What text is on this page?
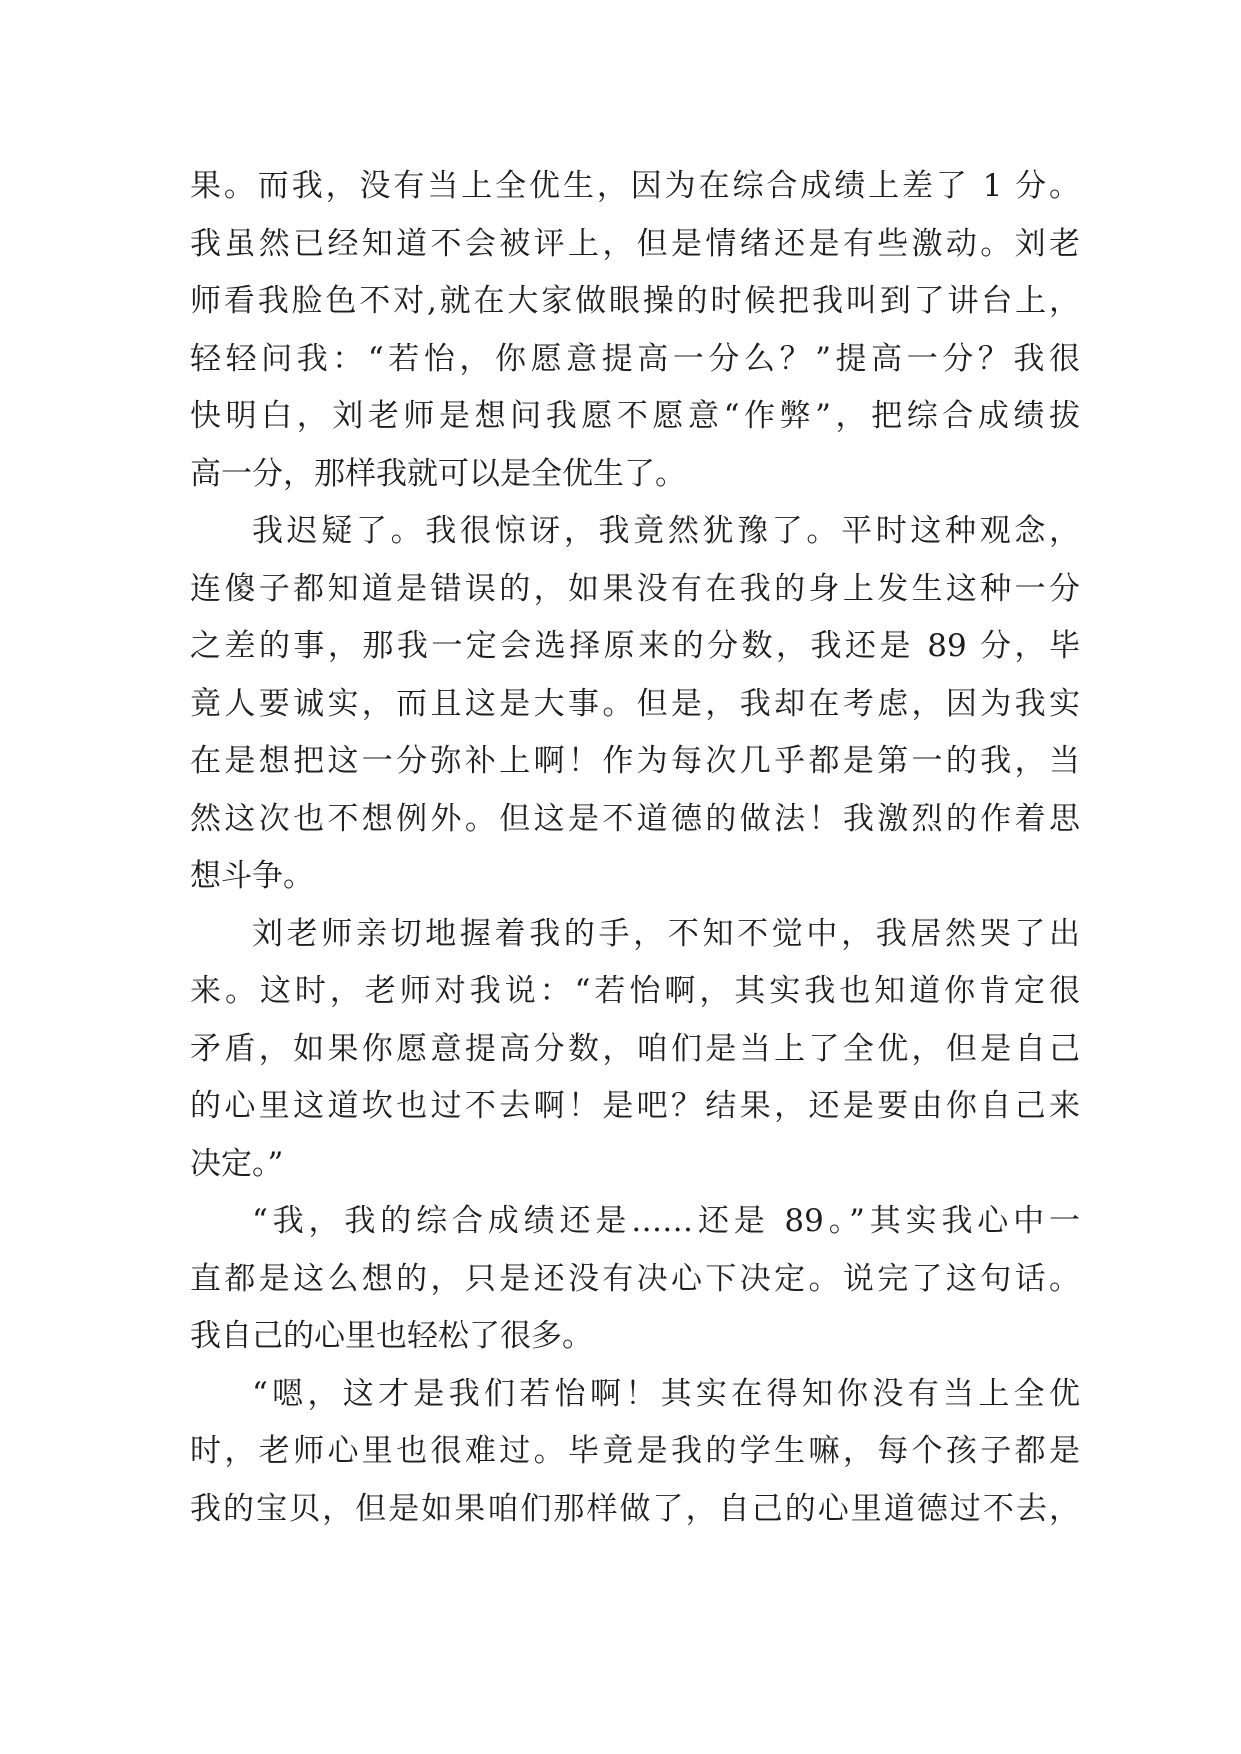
果。而我，没有当上全优生，因为在综合成绩上差了 1 分。
我虽然已经知道不会被评上，但是情绪还是有些激动。刘老
师看我脸色不对,就在大家做眼操的时候把我叫到了讲台上，
轻轻问我：“若怡，你愿意提高一分么？”提高一分？我很
快明白，刘老师是想问我愿不愿意“作弊”，把综合成绩拔
高一分，那样我就可以是全优生了。
我迟疑了。我很惊讶，我竟然犹豫了。平时这种观念，
连傻子都知道是错误的，如果没有在我的身上发生这种一分
之差的事，那我一定会选择原来的分数，我还是 89 分，毕
竟人要诚实，而且这是大事。但是，我却在考虑，因为我实
在是想把这一分弥补上啊！作为每次几乎都是第一的我，当
然这次也不想例外。但这是不道德的做法！我激烈的作着思
想斗争。
刘老师亲切地握着我的手，不知不觉中，我居然哭了出
来。这时，老师对我说：“若怡啊，其实我也知道你肯定很
矛盾，如果你愿意提高分数，咱们是当上了全优，但是自己
的心里这道坎也过不去啊！是吧？结果，还是要由你自己来
决定。”
“我，我的综合成绩还是……还是 89。”其实我心中一
直都是这么想的，只是还没有决心下决定。说完了这句话。
我自己的心里也轻松了很多。
“嗯，这才是我们若怡啊！其实在得知你没有当上全优
时，老师心里也很难过。毕竟是我的学生嘛，每个孩子都是
我的宝贝，但是如果咱们那样做了，自己的心里道德过不去，
